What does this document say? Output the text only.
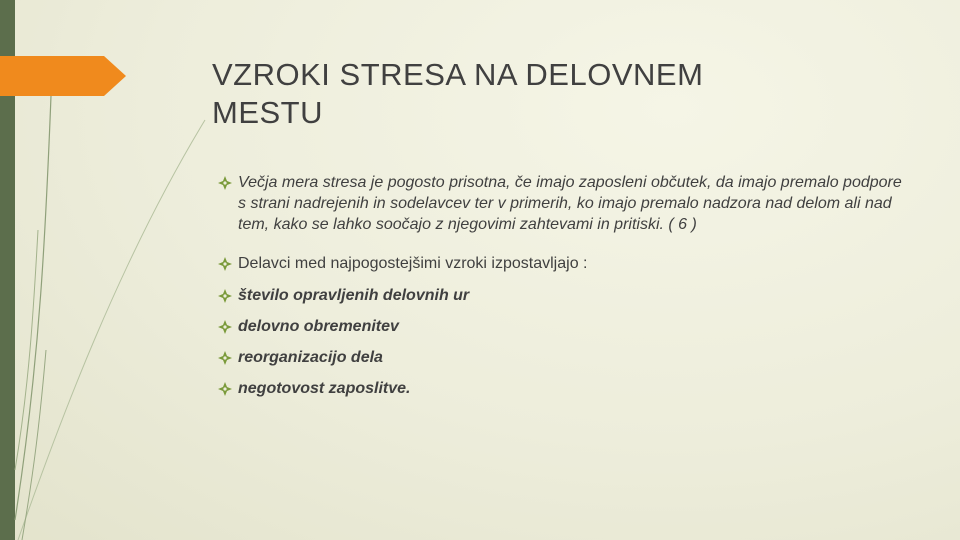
VZROKI STRESA NA DELOVNEM
MESTU
Večja mera stresa je pogosto prisotna, če imajo zaposleni občutek, da imajo premalo podpore s strani nadrejenih in sodelavcev ter v primerih, ko imajo premalo nadzora nad delom ali nad tem, kako se lahko soočajo z njegovimi zahtevami in pritiski. ( 6 )
Delavci med najpogostejšimi vzroki izpostavljajo :
število opravljenih delovnih ur
delovno obremenitev
reorganizacijo dela
negotovost zaposlitve.
